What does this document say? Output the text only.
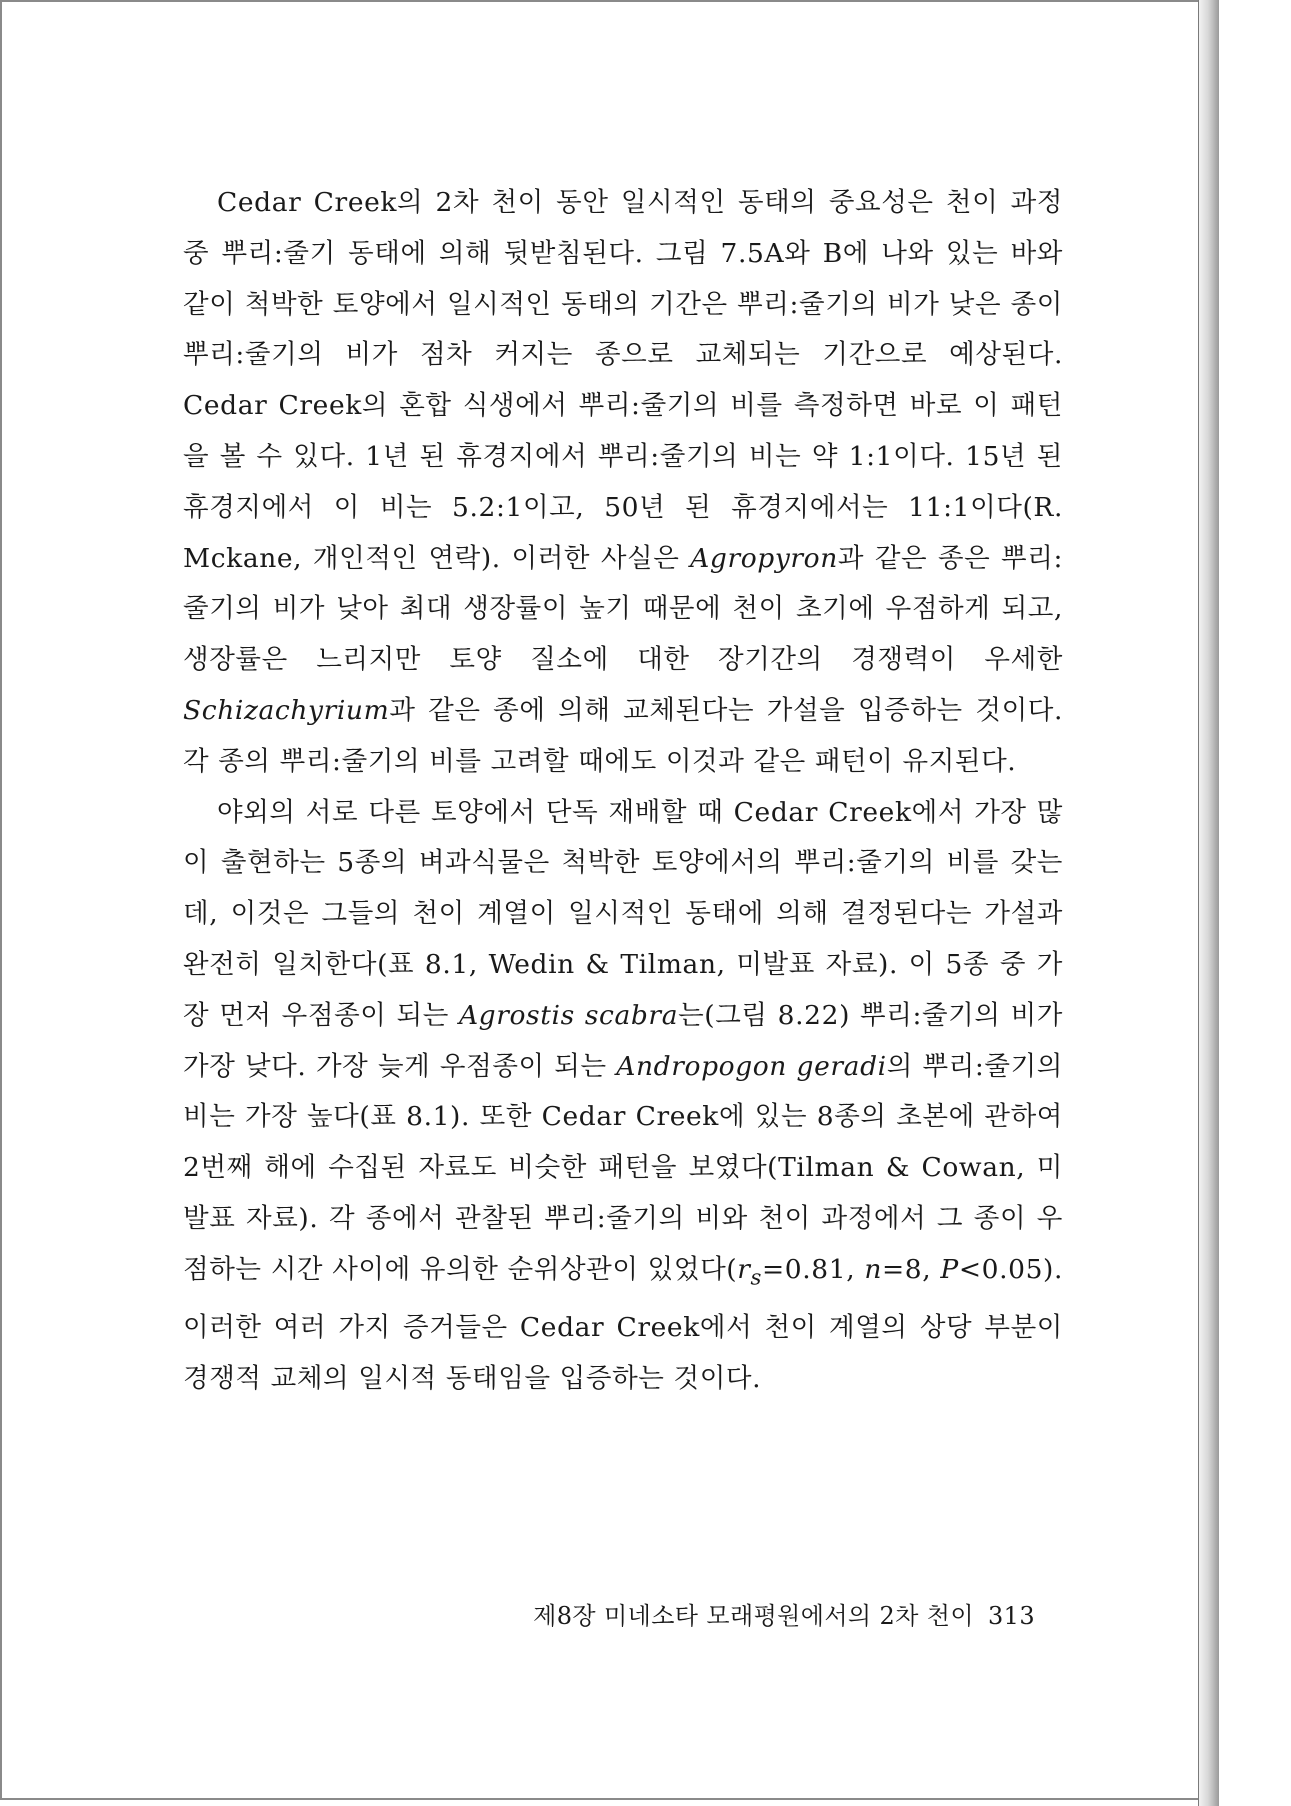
Cedar Creek의 2차 천이 동안 일시적인 동태의 중요성은 천이 과정 중 뿌리:줄기 동태에 의해 뒷받침된다. 그림 7.5A와 B에 나와 있는 바와 같이 척박한 토양에서 일시적인 동태의 기간은 뿌리:줄기의 비가 낮은 종이 뿌리:줄기의 비가 점차 커지는 종으로 교체되는 기간으로 예상된다. Cedar Creek의 혼합 식생에서 뿌리:줄기의 비를 측정하면 바로 이 패턴을 볼 수 있다. 1년 된 휴경지에서 뿌리:줄기의 비는 약 1:1이다. 15년 된 휴경지에서 이 비는 5.2:1이고, 50년 된 휴경지에서는 11:1이다(R. Mckane, 개인적인 연락). 이러한 사실은 Agropyron과 같은 종은 뿌리:줄기의 비가 낮아 최대 생장률이 높기 때문에 천이 초기에 우점하게 되고, 생장률은 느리지만 토양 질소에 대한 장기간의 경쟁력이 우세한 Schizachyrium과 같은 종에 의해 교체된다는 가설을 입증하는 것이다. 각 종의 뿌리:줄기의 비를 고려할 때에도 이것과 같은 패턴이 유지된다.

야외의 서로 다른 토양에서 단독 재배할 때 Cedar Creek에서 가장 많이 출현하는 5종의 벼과식물은 척박한 토양에서의 뿌리:줄기의 비를 갖는데, 이것은 그들의 천이 계열이 일시적인 동태에 의해 결정된다는 가설과 완전히 일치한다(표 8.1, Wedin & Tilman, 미발표 자료). 이 5종 중 가장 먼저 우점종이 되는 Agrostis scabra는(그림 8.22) 뿌리:줄기의 비가 가장 낮다. 가장 늦게 우점종이 되는 Andropogon geradi의 뿌리:줄기의 비는 가장 높다(표 8.1). 또한 Cedar Creek에 있는 8종의 초본에 관하여 2번째 해에 수집된 자료도 비슷한 패턴을 보였다(Tilman & Cowan, 미발표 자료). 각 종에서 관찰된 뿌리:줄기의 비와 천이 과정에서 그 종이 우점하는 시간 사이에 유의한 순위상관이 있었다($r_s=0.81$, n=8, P<0.05). 이러한 여러 가지 증거들은 Cedar Creek에서 천이 계열의 상당 부분이 경쟁적 교체의 일시적 동태임을 입증하는 것이다.

제8장 미네소타 모래평원에서의 2차 천이 313
